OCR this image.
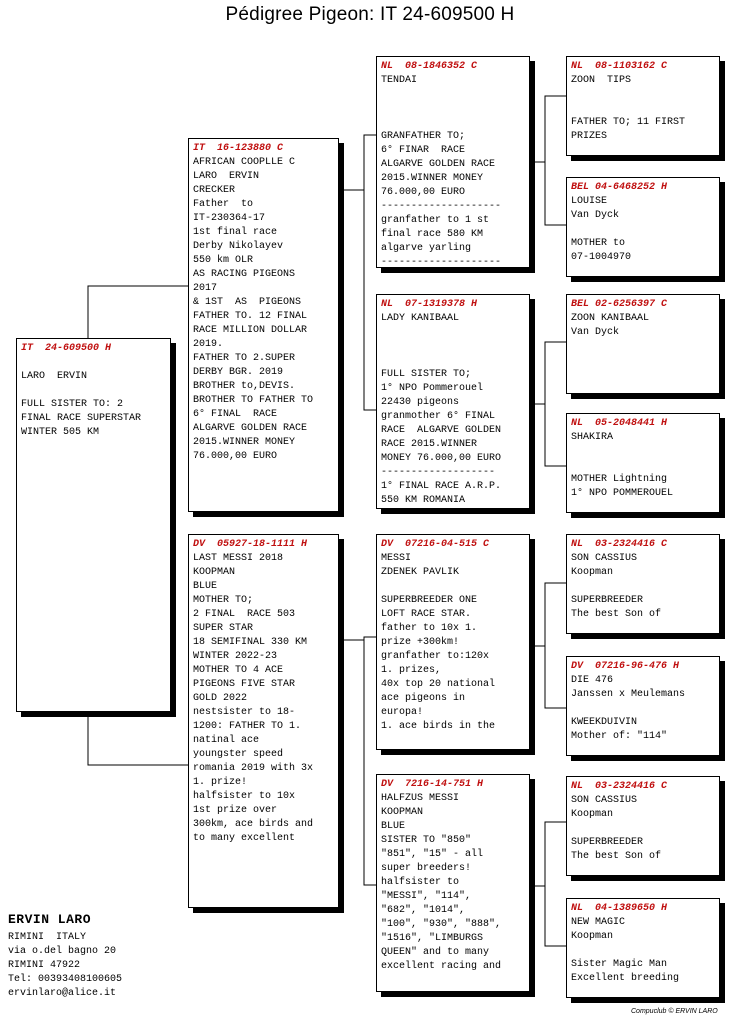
Pédigree Pigeon: IT 24-609500 H
IT  24-609500 H

LARO  ERVIN

FULL SISTER TO: 2
FINAL RACE SUPERSTAR
WINTER 505 KM
IT  16-123880 C
AFRICAN COOPLLE C
LARO  ERVIN
CRECKER
Father  to
IT-230364-17
1st final race
Derby Nikolayev
550 km OLR
AS RACING PIGEONS
2017
& 1ST  AS  PIGEONS
FATHER TO. 12 FINAL
RACE MILLION DOLLAR
2019.
FATHER TO 2.SUPER
DERBY BGR. 2019
BROTHER to,DEVIS.
BROTHER TO FATHER TO
6° FINAL  RACE
ALGARVE GOLDEN RACE
2015.WINNER MONEY
76.000,00 EURO
DV  05927-18-1111 H
LAST MESSI 2018
KOOPMAN
BLUE
MOTHER TO;
2 FINAL  RACE 503
SUPER STAR
18 SEMIFINAL 330 KM
WINTER 2022-23
MOTHER TO 4 ACE
PIGEONS FIVE STAR
GOLD 2022
nestsister to 18-
1200: FATHER TO 1.
natinal ace
youngster speed
romania 2019 with 3x
1. prize!
halfsister to 10x
1st prize over
300km, ace birds and
to many excellent
NL  08-1846352 C
TENDAI

GRANFATHER TO;
6° FINAR  RACE
ALGARVE GOLDEN RACE
2015.WINNER MONEY
76.000,00 EURO
--------------------
granfather to 1 st
final race 580 KM
algarve yarling
--------------------
NL  07-1319378 H
LADY KANIBAAL

FULL SISTER TO;
1° NPO Pommerouel
22430 pigeons
granmother 6° FINAL
RACE  ALGARVE GOLDEN
RACE 2015.WINNER
MONEY 76.000,00 EURO
-------------------
1° FINAL RACE A.R.P.
550 KM ROMANIA
DV  07216-04-515 C
MESSI
ZDENEK PAVLIK

SUPERBREEDER ONE
LOFT RACE STAR.
father to 10x 1.
prize +300km!
granfather to:120x
1. prizes,
40x top 20 national
ace pigeons in
europa!
1. ace birds in the
DV  7216-14-751 H
HALFZUS MESSI
KOOPMAN
BLUE
SISTER TO "850"
"851", "15" - all
super breeders!
halfsister to
"MESSI", "114",
"682", "1014",
"100", "930", "888",
"1516", "LIMBURGS
QUEEN" and to many
excellent racing and
NL  08-1103162 C
ZOON  TIPS

FATHER TO; 11 FIRST
PRIZES
BEL 04-6468252 H
LOUISE
Van Dyck

MOTHER to
07-1004970
BEL 02-6256397 C
ZOON KANIBAAL
Van Dyck
NL  05-2048441 H
SHAKIRA

MOTHER Lightning
1° NPO POMMEROUEL
NL  03-2324416 C
SON CASSIUS
Koopman

SUPERBREEDER
The best Son of
DV  07216-96-476 H
DIE 476
Janssen x Meulemans

KWEEKDUIVIN
Mother of: "114"
NL  03-2324416 C
SON CASSIUS
Koopman

SUPERBREEDER
The best Son of
NL  04-1389650 H
NEW MAGIC
Koopman

Sister Magic Man
Excellent breeding
ERVIN LARO
RIMINI  ITALY
via o.del bagno 20
RIMINI 47922
Tel: 00393408100605
ervinlaro@alice.it
Compuclub © ERVIN LARO
